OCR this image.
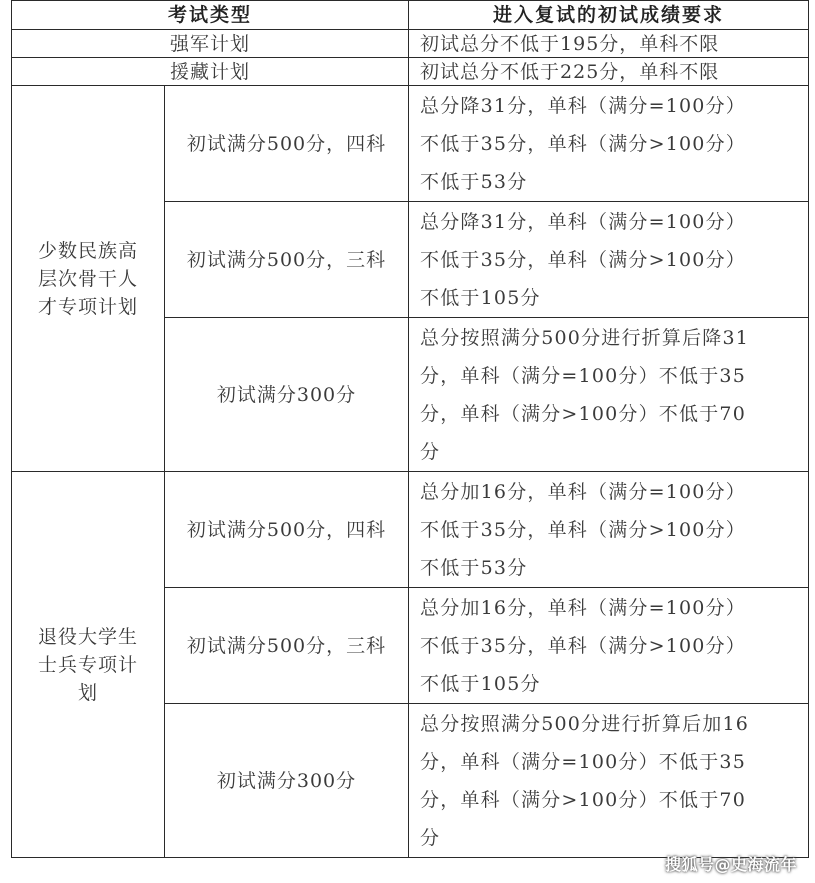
考试类型		进入复试的初试成绩要求
强军计划		初试总分不低于195分，单科不限
援藏计划		初试总分不低于225分，单科不限

少数民族高
层次骨干人
才专项计划	初试满分500分，四科	总分降31分，单科（满分=100分）
不低于35分，单科（满分>100分）
不低于53分

	初试满分500分，三科	总分降31分，单科（满分=100分）
不低于35分，单科（满分>100分）
不低于105分

	初试满分300分	总分按照满分500分进行折算后降31
分，单科（满分=100分）不低于35
分，单科（满分>100分）不低于70
分

退役大学生
士兵专项计
划	初试满分500分，四科	总分加16分，单科（满分=100分）
不低于35分，单科（满分>100分）
不低于53分

	初试满分500分，三科	总分加16分，单科（满分=100分）
不低于35分，单科（满分>100分）
不低于105分

	初试满分300分	总分按照满分500分进行折算后加16
分，单科（满分=100分）不低于35
分，单科（满分>100分）不低于70
分
搜狐号@史海流年
